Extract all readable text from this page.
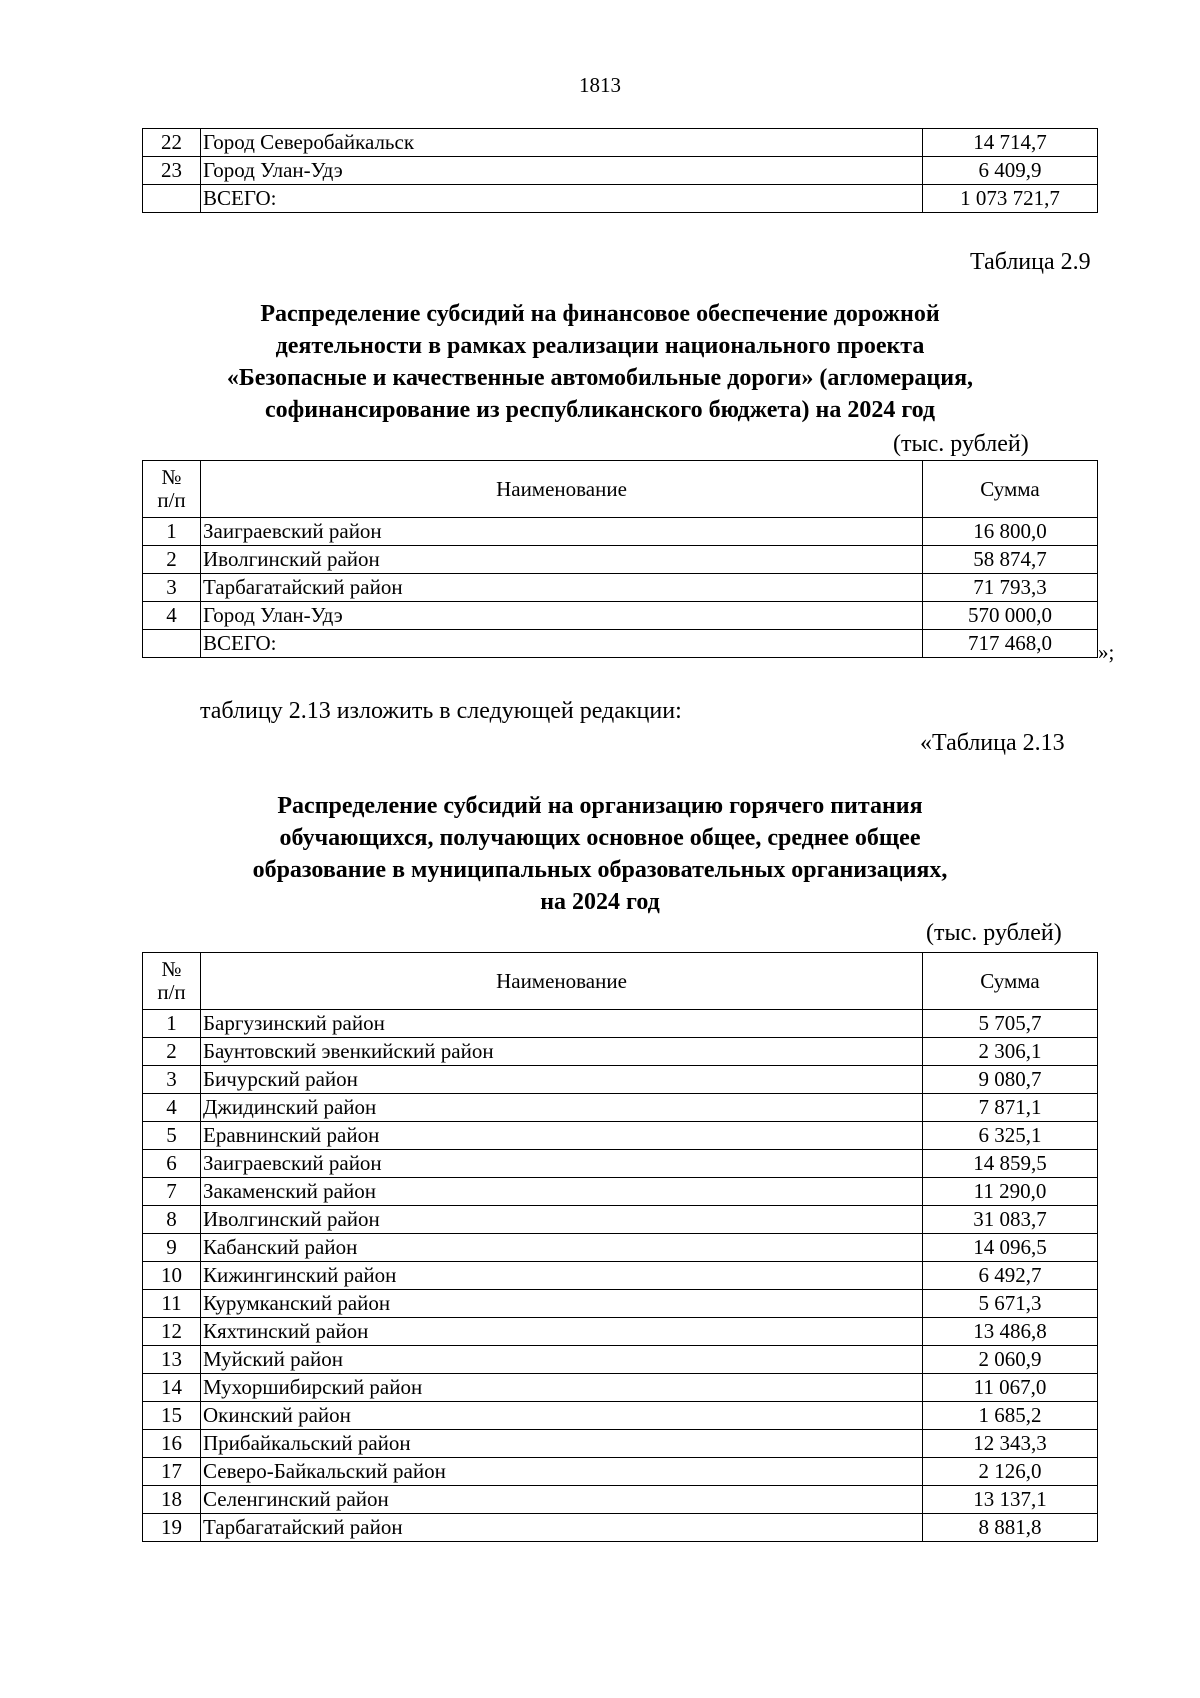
1813
22	Город Северобайкальск	14 714,7
23	Город Улан-Удэ	6 409,9
	ВСЕГО:	1 073 721,7
Таблица 2.9
Распределение субсидий на финансовое обеспечение дорожной
деятельности в рамках реализации национального проекта
«Безопасные и качественные автомобильные дороги» (агломерация,
софинансирование из республиканского бюджета) на 2024 год
(тыс. рублей)
№
п/п	Наименование	Сумма
1	Заиграевский район	16 800,0
2	Иволгинский район	58 874,7
3	Тарбагатайский район	71 793,3
4	Город Улан-Удэ	570 000,0
	ВСЕГО:	717 468,0 »;
таблицу 2.13 изложить в следующей редакции:
«Таблица 2.13
Распределение субсидий на организацию горячего питания
обучающихся, получающих основное общее, среднее общее
образование в муниципальных образовательных организациях,
на 2024 год
(тыс. рублей)
№
п/п	Наименование	Сумма
1	Баргузинский район	5 705,7
2	Баунтовский эвенкийский район	2 306,1
3	Бичурский район	9 080,7
4	Джидинский район	7 871,1
5	Еравнинский район	6 325,1
6	Заиграевский район	14 859,5
7	Закаменский район	11 290,0
8	Иволгинский район	31 083,7
9	Кабанский район	14 096,5
10	Кижингинский район	6 492,7
11	Курумканский район	5 671,3
12	Кяхтинский район	13 486,8
13	Муйский район	2 060,9
14	Мухоршибирский район	11 067,0
15	Окинский район	1 685,2
16	Прибайкальский район	12 343,3
17	Северо-Байкальский район	2 126,0
18	Селенгинский район	13 137,1
19	Тарбагатайский район	8 881,8
